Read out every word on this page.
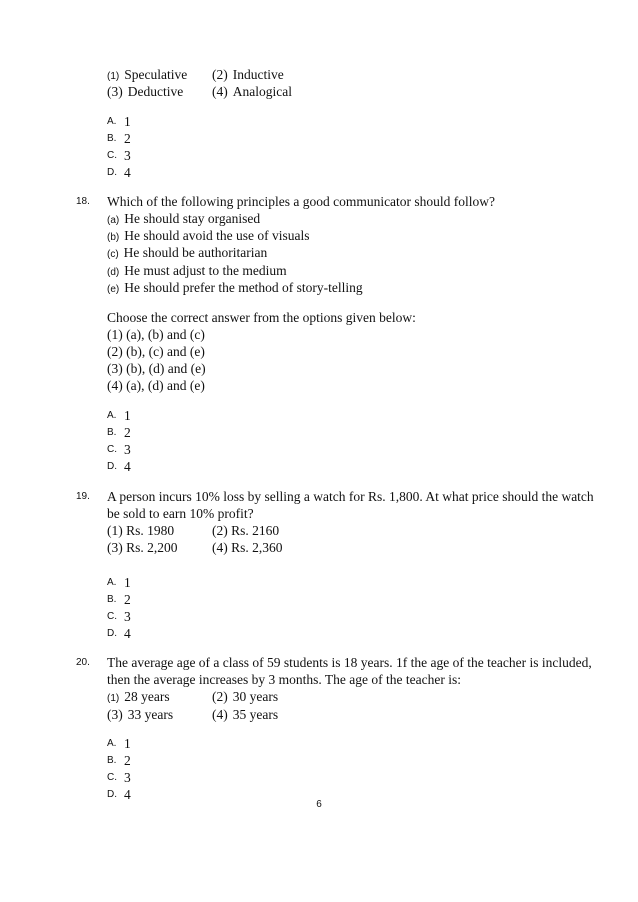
(1) Speculative (2) Inductive
(3) Deductive (4) Analogical
A. 1
B. 2
C. 3
D. 4
18. Which of the following principles a good communicator should follow?
(a) He should stay organised
(b) He should avoid the use of visuals
(c) He should be authoritarian
(d) He must adjust to the medium
(e) He should prefer the method of story-telling
Choose the correct answer from the options given below:
(1) (a), (b) and (c)
(2) (b), (c) and (e)
(3) (b), (d) and (e)
(4) (a), (d) and (e)
A. 1
B. 2
C. 3
D. 4
19. A person incurs 10% loss by selling a watch for Rs. 1,800. At what price should the watch
be sold to earn 10% profit?
(1) Rs. 1980	(2) Rs. 2160
(3) Rs. 2,200	(4) Rs. 2,360
A. 1
B. 2
C. 3
D. 4
20. The average age of a class of 59 students is 18 years. 1f the age of the teacher is included,
then the average increases by 3 months. The age of the teacher is:
(1) 28 years	(2) 30 years
(3) 33 years	(4) 35 years
A. 1
B. 2
C. 3
D. 4
6
